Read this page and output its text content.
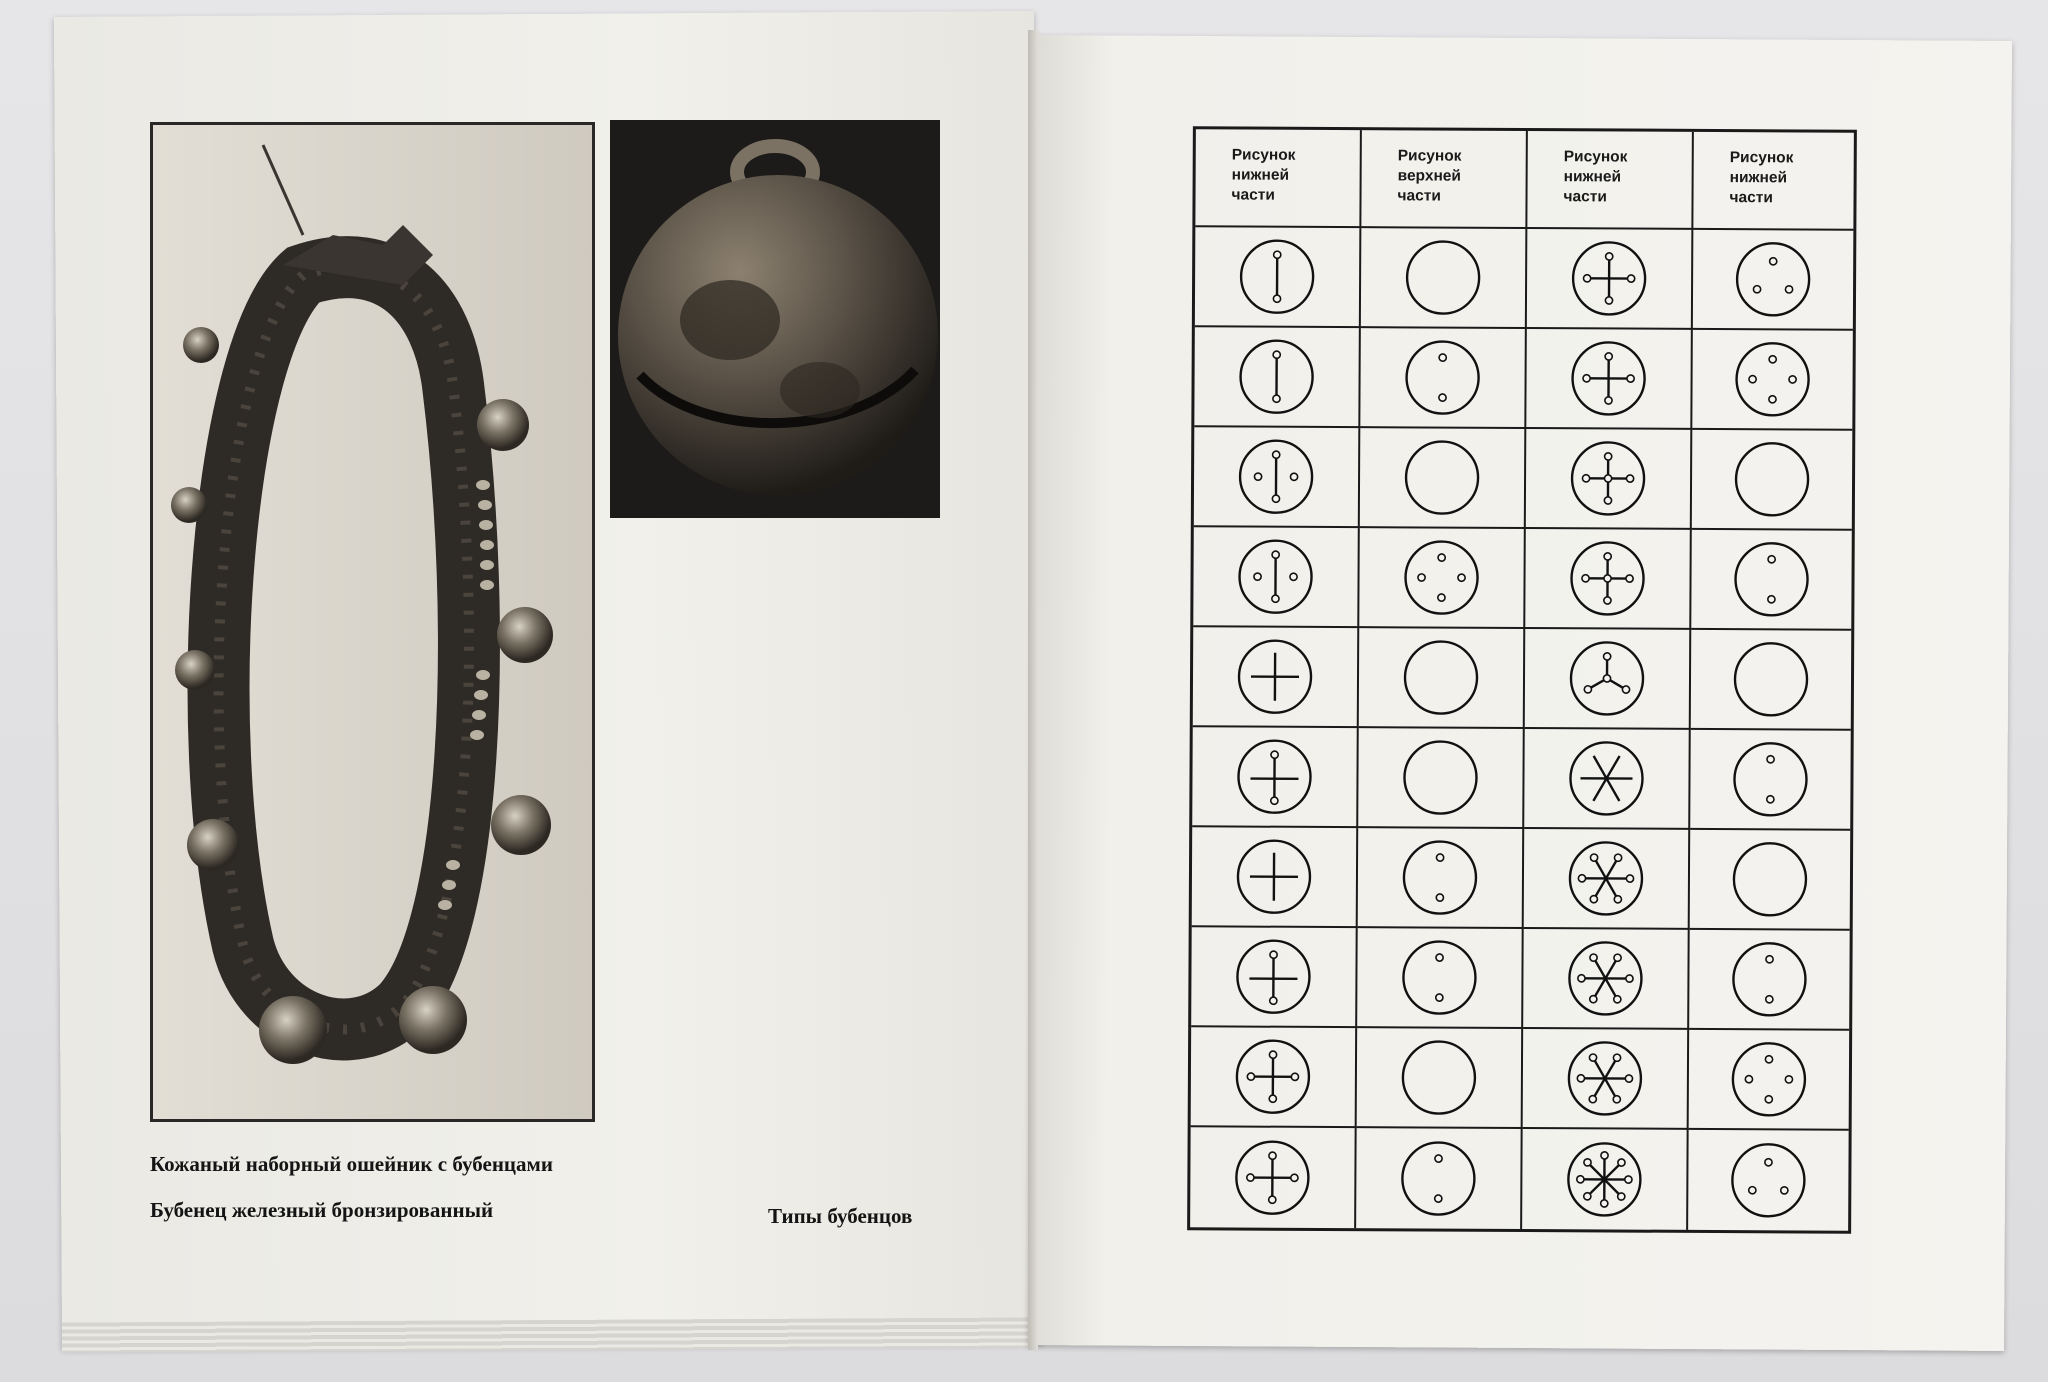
Кожаный наборный ошейник с бубенцами
Бубенец железный бронзированный	Типы бубенцов
Рисунок
нижней
части
Рисунок
верхней
части
Рисунок
нижней
части
Рисунок
нижней
части
